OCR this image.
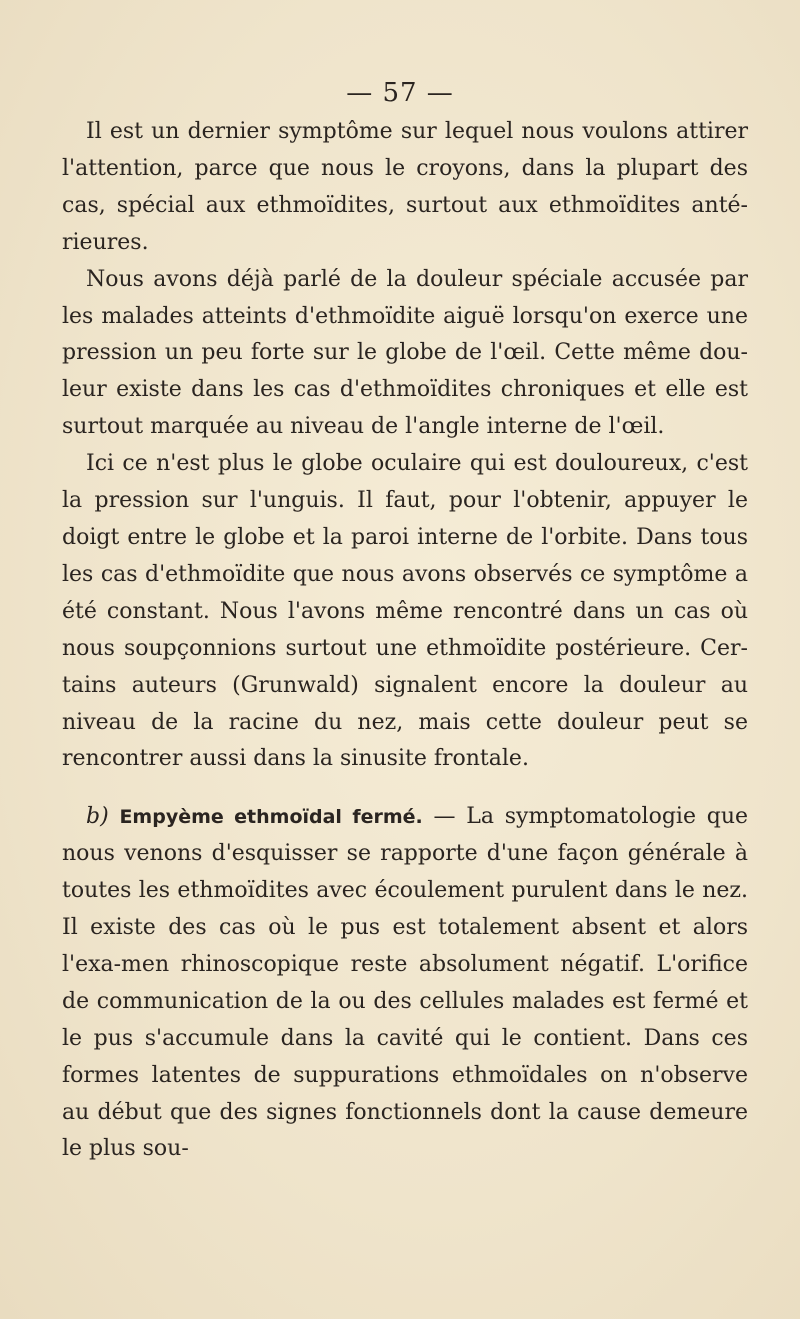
— 57 —

Il est un dernier symptôme sur lequel nous voulons attirer l'attention, parce que nous le croyons, dans la plupart des cas, spécial aux ethmoïdites, surtout aux ethmoïdites anté-rieures.

Nous avons déjà parlé de la douleur spéciale accusée par les malades atteints d'ethmoïdite aiguë lorsqu'on exerce une pression un peu forte sur le globe de l'œil. Cette même dou-leur existe dans les cas d'ethmoïdites chroniques et elle est surtout marquée au niveau de l'angle interne de l'œil.

Ici ce n'est plus le globe oculaire qui est douloureux, c'est la pression sur l'unguis. Il faut, pour l'obtenir, appuyer le doigt entre le globe et la paroi interne de l'orbite. Dans tous les cas d'ethmoïdite que nous avons observés ce symptôme a été constant. Nous l'avons même rencontré dans un cas où nous soupçonnions surtout une ethmoïdite postérieure. Cer-tains auteurs (Grunwald) signalent encore la douleur au niveau de la racine du nez, mais cette douleur peut se rencontrer aussi dans la sinusite frontale.

b) Empyème ethmoïdal fermé. — La symptomatologie que nous venons d'esquisser se rapporte d'une façon générale à toutes les ethmoïdites avec écoulement purulent dans le nez. Il existe des cas où le pus est totalement absent et alors l'exa-men rhinoscopique reste absolument négatif. L'orifice de communication de la ou des cellules malades est fermé et le pus s'accumule dans la cavité qui le contient. Dans ces formes latentes de suppurations ethmoïdales on n'observe au début que des signes fonctionnels dont la cause demeure le plus sou-
